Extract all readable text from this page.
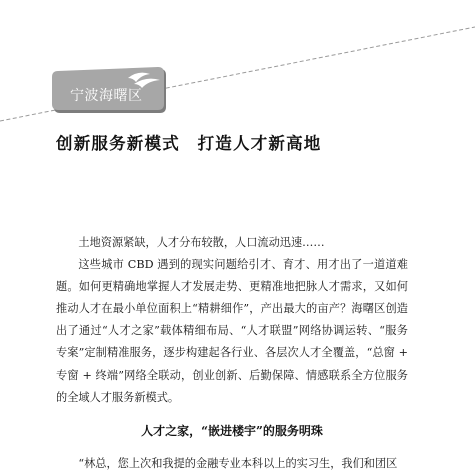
宁波海曙区
创新服务新模式　打造人才新高地

土地资源紧缺，人才分布较散，人口流动迅速……

这些城市 CBD 遇到的现实问题给引才、育才、用才出了一道道难题。如何更精确地掌握人才发展走势、更精准地把脉人才需求，又如何推动人才在最小单位面积上“精耕细作”，产出最大的亩产？海曙区创造出了通过“人才之家”载体精细布局、“人才联盟”网络协调运转、“服务专案”定制精准服务，逐步构建起各行业、各层次人才全覆盖，“总窗 + 专窗 + 终端”网络全联动，创业创新、后勤保障、情感联系全方位服务的全域人才服务新模式。

人才之家，“嵌进楼宇”的服务明珠
“林总，您上次和我提的金融专业本科以上的实习生，我们和团区
